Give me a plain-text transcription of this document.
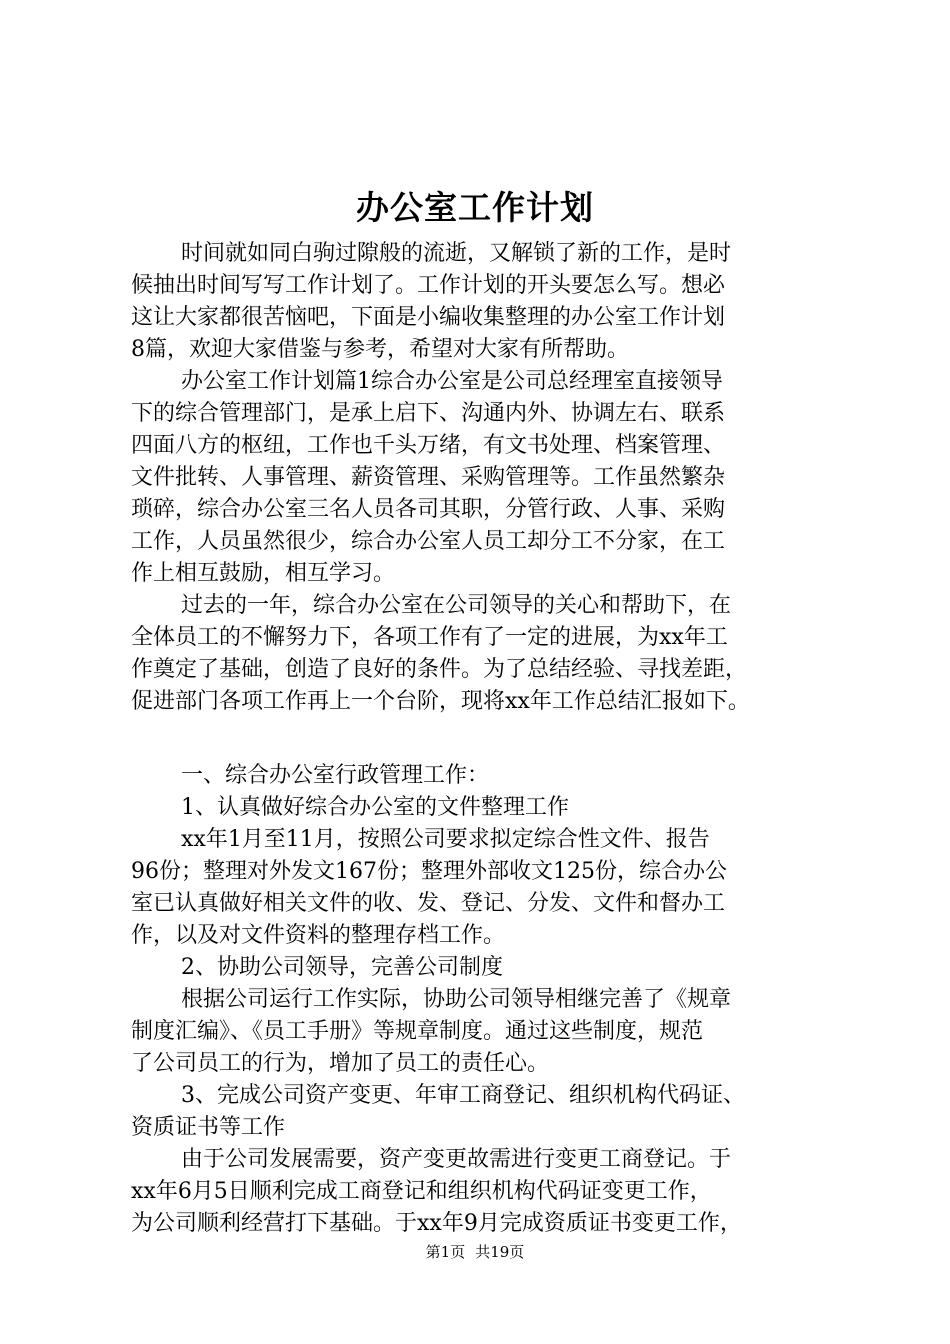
办公室工作计划
时间就如同白驹过隙般的流逝，又解锁了新的工作，是时
候抽出时间写写工作计划了。工作计划的开头要怎么写。想必
这让大家都很苦恼吧，下面是小编收集整理的办公室工作计划
8篇，欢迎大家借鉴与参考，希望对大家有所帮助。
办公室工作计划篇1综合办公室是公司总经理室直接领导
下的综合管理部门，是承上启下、沟通内外、协调左右、联系
四面八方的枢纽，工作也千头万绪，有文书处理、档案管理、
文件批转、人事管理、薪资管理、采购管理等。工作虽然繁杂
琐碎，综合办公室三名人员各司其职，分管行政、人事、采购
工作，人员虽然很少，综合办公室人员工却分工不分家，在工
作上相互鼓励，相互学习。
过去的一年，综合办公室在公司领导的关心和帮助下，在
全体员工的不懈努力下，各项工作有了一定的进展，为xx年工
作奠定了基础，创造了良好的条件。为了总结经验、寻找差距，
促进部门各项工作再上一个台阶，现将xx年工作总结汇报如下。
一、综合办公室行政管理工作：
1、认真做好综合办公室的文件整理工作
xx年1月至11月，按照公司要求拟定综合性文件、报告
96份；整理对外发文167份；整理外部收文125份，综合办公
室已认真做好相关文件的收、发、登记、分发、文件和督办工
作，以及对文件资料的整理存档工作。
2、协助公司领导，完善公司制度
根据公司运行工作实际，协助公司领导相继完善了《规章
制度汇编》、《员工手册》等规章制度。通过这些制度，规范
了公司员工的行为，增加了员工的责任心。
3、完成公司资产变更、年审工商登记、组织机构代码证、
资质证书等工作
由于公司发展需要，资产变更故需进行变更工商登记。于
xx年6月5日顺利完成工商登记和组织机构代码证变更工作，
为公司顺利经营打下基础。于xx年9月完成资质证书变更工作，
第1页 共19页
